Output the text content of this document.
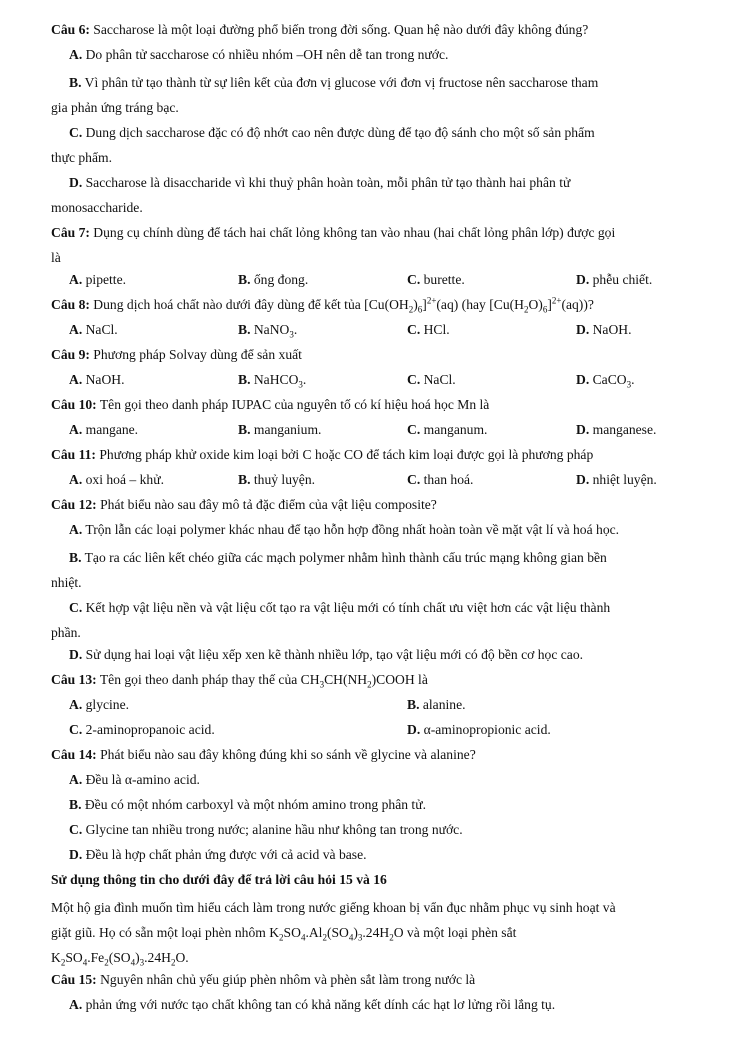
Câu 6: Saccharose là một loại đường phổ biến trong đời sống. Quan hệ nào dưới đây không đúng?

A. Do phân tử saccharose có nhiều nhóm –OH nên dễ tan trong nước.

B. Vì phân tử tạo thành từ sự liên kết của đơn vị glucose với đơn vị fructose nên saccharose tham
gia phản ứng tráng bạc.

C. Dung dịch saccharose đặc có độ nhớt cao nên được dùng để tạo độ sánh cho một số sản phẩm
thực phẩm.

D. Saccharose là disaccharide vì khi thuỷ phân hoàn toàn, mỗi phân tử tạo thành hai phân tử
monosaccharide.

Câu 7: Dụng cụ chính dùng để tách hai chất lỏng không tan vào nhau (hai chất lỏng phân lớp) được gọi
là

A. pipette.	B. ống đong.	C. burette.	D. phễu chiết.

Câu 8: Dung dịch hoá chất nào dưới đây dùng để kết tủa $[Cu(OH_2)_6]^{2+}(aq)$ (hay $[Cu(H_2O)_6]^{2+}(aq)$)?

A. NaCl.	B. NaNO$_3$.	C. HCl.	D. NaOH.

Câu 9: Phương pháp Solvay dùng để sản xuất

A. NaOH.	B. NaHCO$_3$.	C. NaCl.	D. CaCO$_3$.

Câu 10: Tên gọi theo danh pháp IUPAC của nguyên tố có kí hiệu hoá học Mn là

A. mangane.	B. manganium.	C. manganum.	D. manganese.

Câu 11: Phương pháp khử oxide kim loại bởi C hoặc CO để tách kim loại được gọi là phương pháp

A. oxi hoá – khử.	B. thuỷ luyện.	C. than hoá.	D. nhiệt luyện.

Câu 12: Phát biểu nào sau đây mô tả đặc điểm của vật liệu composite?

A. Trộn lẫn các loại polymer khác nhau để tạo hỗn hợp đồng nhất hoàn toàn về mặt vật lí và hoá học.

B. Tạo ra các liên kết chéo giữa các mạch polymer nhằm hình thành cấu trúc mạng không gian bền
nhiệt.

C. Kết hợp vật liệu nền và vật liệu cốt tạo ra vật liệu mới có tính chất ưu việt hơn các vật liệu thành
phần.

D. Sử dụng hai loại vật liệu xếp xen kẽ thành nhiều lớp, tạo vật liệu mới có độ bền cơ học cao.

Câu 13: Tên gọi theo danh pháp thay thế của $CH_3CH(NH_2)COOH$ là

A. glycine.	B. alanine.
C. 2-aminopropanoic acid.	D. α-aminopropionic acid.

Câu 14: Phát biểu nào sau đây không đúng khi so sánh về glycine và alanine?

A. Đều là α-amino acid.

B. Đều có một nhóm carboxyl và một nhóm amino trong phân tử.

C. Glycine tan nhiều trong nước; alanine hầu như không tan trong nước.

D. Đều là hợp chất phản ứng được với cả acid và base.

Sử dụng thông tin cho dưới đây để trả lời câu hỏi 15 và 16

Một hộ gia đình muốn tìm hiểu cách làm trong nước giếng khoan bị vẩn đục nhằm phục vụ sinh hoạt và
giặt giũ. Họ có sẵn một loại phèn nhôm $K_2SO_4.Al_2(SO_4)_3.24H_2O$ và một loại phèn sắt
$K_2SO_4.Fe_2(SO_4)_3.24H_2O$.

Câu 15: Nguyên nhân chủ yếu giúp phèn nhôm và phèn sắt làm trong nước là

A. phản ứng với nước tạo chất không tan có khả năng kết dính các hạt lơ lửng rồi lắng tụ.
